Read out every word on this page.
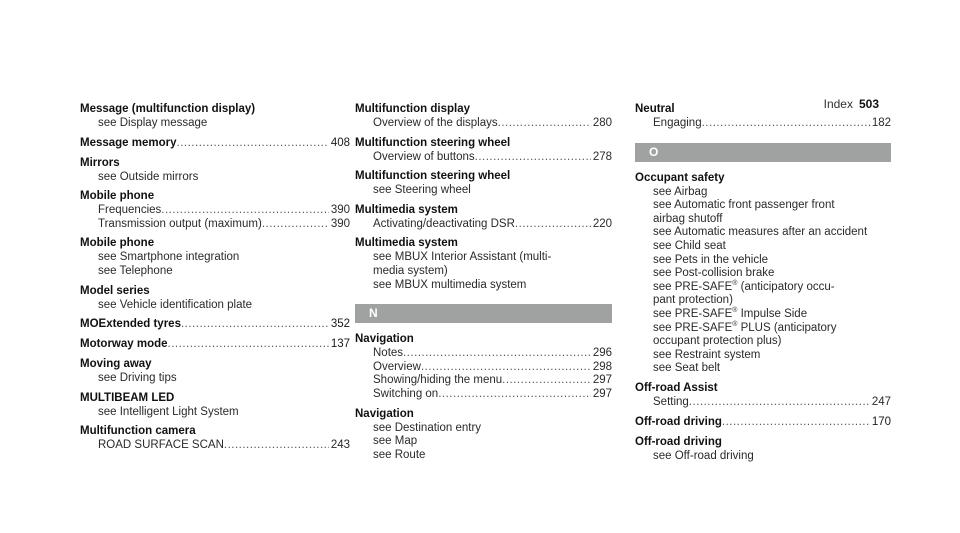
Index 503
Message (multifunction display)
see Display message
Message memory .....	408
Mirrors
see Outside mirrors
Mobile phone
Frequencies .....	390
Transmission output (maximum) .....	390
Mobile phone
see Smartphone integration
see Telephone
Model series
see Vehicle identification plate
MOExtended tyres .....	352
Motorway mode .....	137
Moving away
see Driving tips
MULTIBEAM LED
see Intelligent Light System
Multifunction camera
ROAD SURFACE SCAN .....	243
Multifunction display
Overview of the displays .....	280
Multifunction steering wheel
Overview of buttons .....	278
Multifunction steering wheel
see Steering wheel
Multimedia system
Activating/deactivating DSR .....	220
Multimedia system
see MBUX Interior Assistant (multi-
media system)
see MBUX multimedia system
N
Navigation
Notes .....	296
Overview .....	298
Showing/hiding the menu .....	297
Switching on .....	297
Navigation
see Destination entry
see Map
see Route
Neutral
Engaging .....	182
O
Occupant safety
see Airbag
see Automatic front passenger front
airbag shutoff
see Automatic measures after an accident
see Child seat
see Pets in the vehicle
see Post-collision brake
see PRE-SAFE® (anticipatory occu-
pant protection)
see PRE-SAFE® Impulse Side
see PRE-SAFE® PLUS (anticipatory
occupant protection plus)
see Restraint system
see Seat belt
Off-road Assist
Setting .....	247
Off-road driving .....	170
Off-road driving
see Off-road driving
